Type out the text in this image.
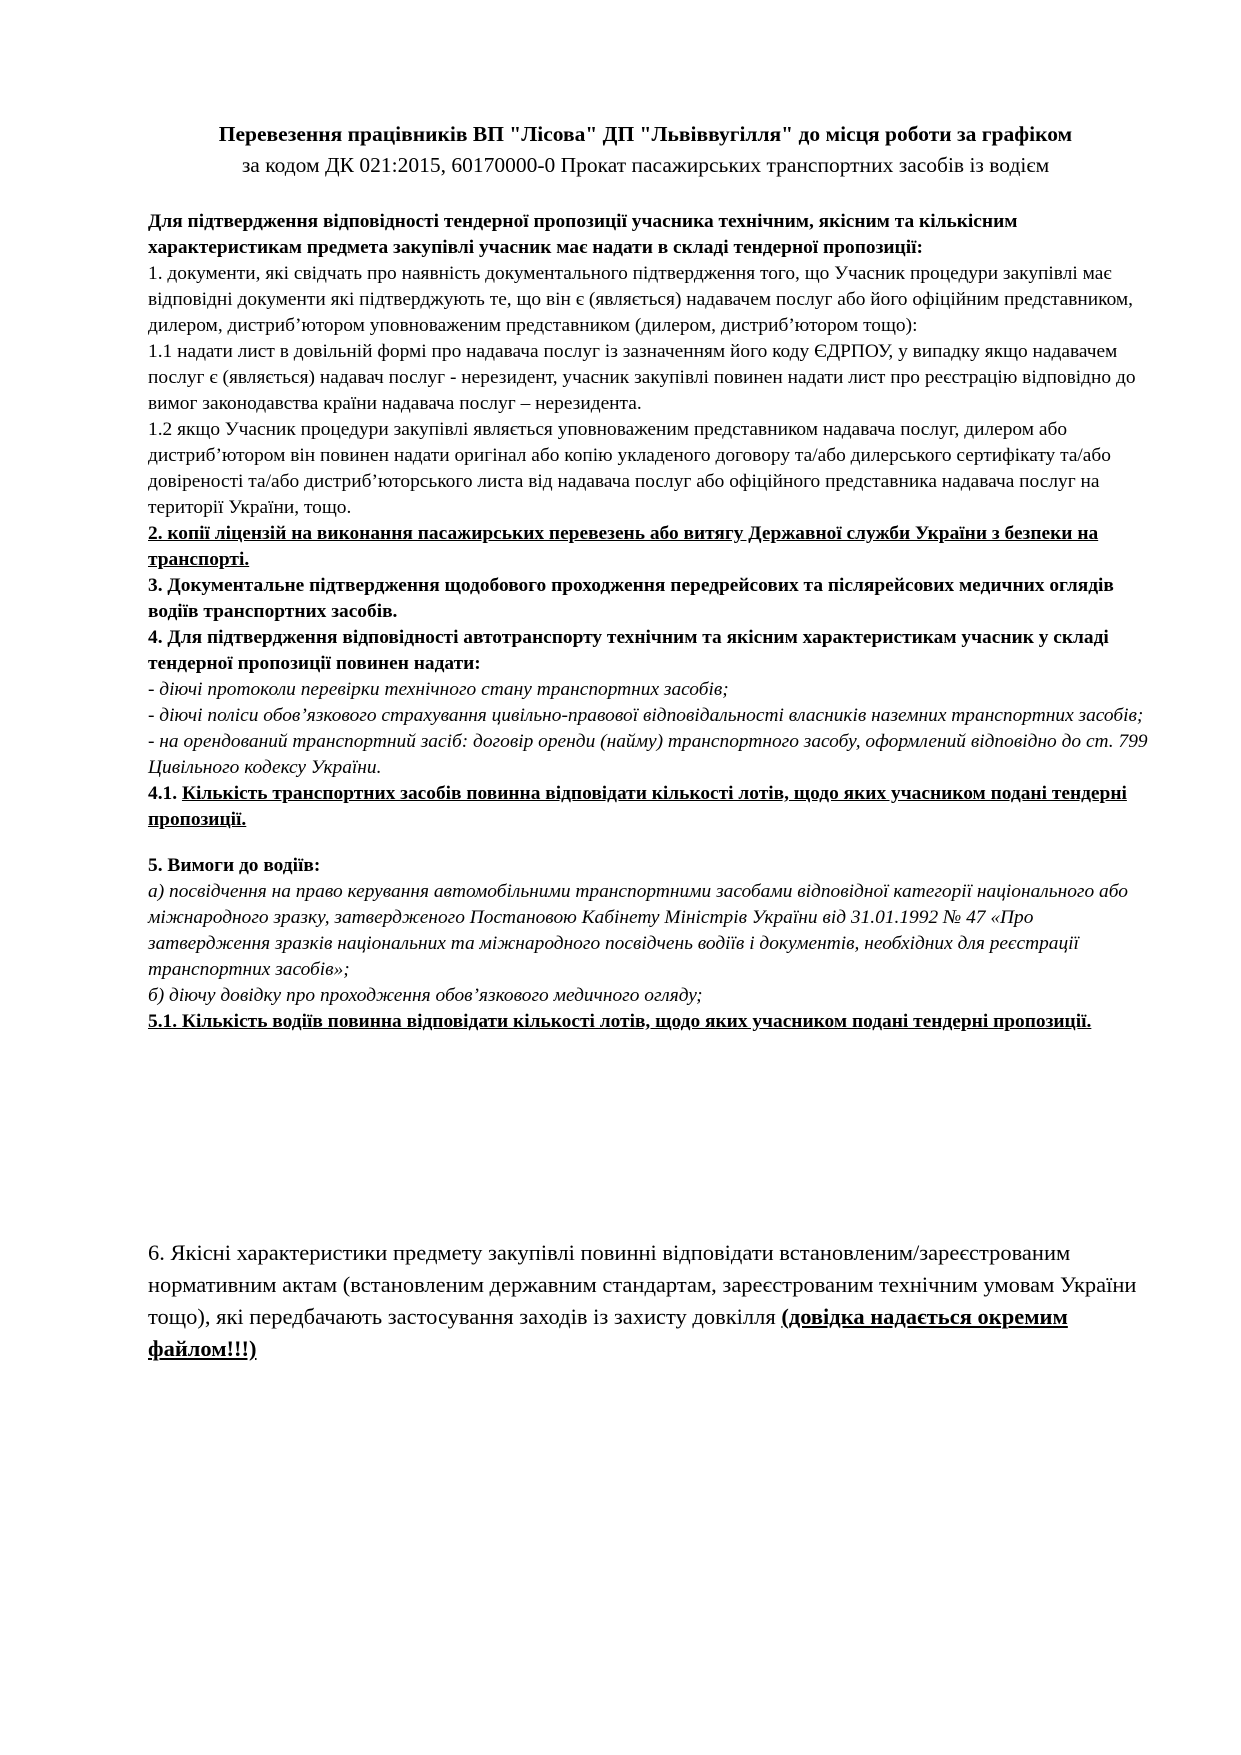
Перевезення працівників ВП "Лісова" ДП "Львіввугілля" до місця роботи за графіком

за кодом ДК 021:2015, 60170000-0 Прокат пасажирських транспортних засобів із водієм

Для підтвердження відповідності тендерної пропозиції учасника технічним, якісним та кількісним характеристикам предмета закупівлі учасник має надати в складі тендерної пропозиції:

1. документи, які свідчать про наявність документального підтвердження того, що Учасник процедури закупівлі має відповідні документи які підтверджують те, що він є (являється) надавачем послуг або його офіційним представником, дилером, дистриб’ютором уповноваженим представником (дилером, дистриб’ютором тощо):

1.1 надати лист в довільній формі про надавача послуг із зазначенням його коду ЄДРПОУ, у випадку якщо надавачем послуг є (являється) надавач послуг - нерезидент, учасник закупівлі повинен надати лист про реєстрацію відповідно до вимог законодавства країни надавача послуг – нерезидента.

1.2 якщо Учасник процедури закупівлі являється уповноваженим представником надавача послуг, дилером або дистриб’ютором він повинен надати оригінал або копію укладеного договору та/або дилерського сертифікату та/або довіреності та/або дистриб’юторського листа від надавача послуг або офіційного представника надавача послуг на території України, тощо.

2. копії ліцензій на виконання пасажирських перевезень або витягу Державної служби України з безпеки на транспорті.

3. Документальне підтвердження щодобового проходження передрейсових та післярейсових медичних оглядів водіїв транспортних засобів.

4. Для підтвердження відповідності автотранспорту технічним та якісним характеристикам учасник у складі тендерної пропозиції повинен надати:

- діючі протоколи перевірки технічного стану транспортних засобів;

- діючі поліси обов’язкового страхування цивільно-правової відповідальності власників наземних транспортних засобів;

- на орендований транспортний засіб: договір оренди (найму) транспортного засобу, оформлений відповідно до ст. 799 Цивільного кодексу України.

4.1. Кількість транспортних засобів повинна відповідати кількості лотів, щодо яких учасником подані тендерні пропозиції.

5. Вимоги до водіїв:

а) посвідчення на право керування автомобільними транспортними засобами відповідної категорії національного або міжнародного зразку, затвердженого Постановою Кабінету Міністрів України від 31.01.1992 № 47 «Про затвердження зразків національних та міжнародного посвідчень водіїв і документів, необхідних для реєстрації транспортних засобів»;

б) діючу довідку про проходження обов’язкового медичного огляду;

5.1. Кількість водіїв повинна відповідати кількості лотів, щодо яких учасником подані тендерні пропозиції.

6. Якісні характеристики предмету закупівлі повинні відповідати встановленим/зареєстрованим нормативним актам (встановленим державним стандартам, зареєстрованим технічним умовам України тощо), які передбачають застосування заходів із захисту довкілля (довідка надається окремим файлом!!!)
